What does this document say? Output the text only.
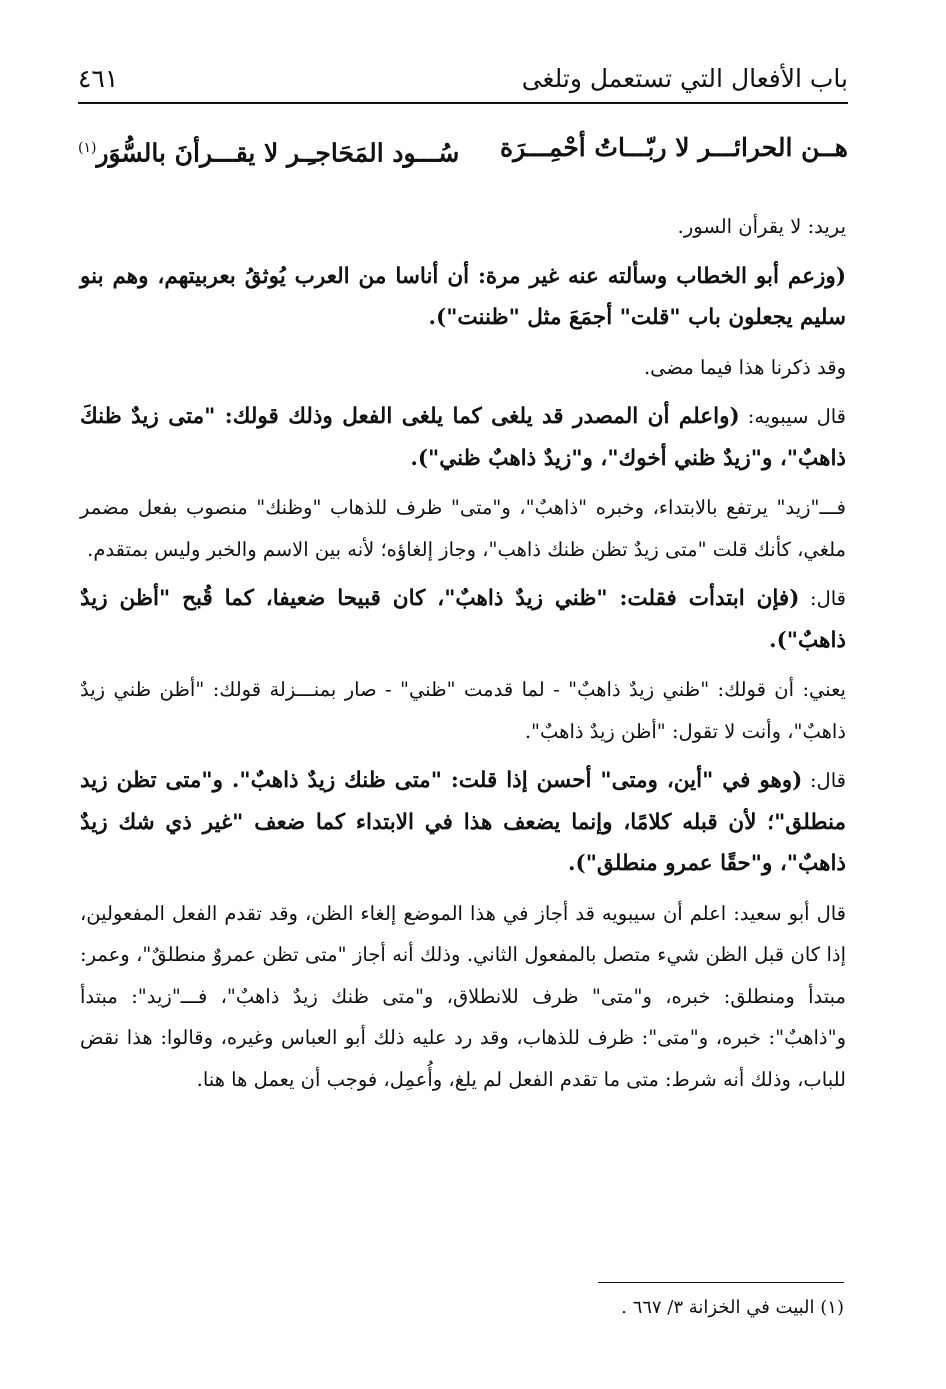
باب الأفعال التي تستعمل وتلغى
٤٦١
هــن الحرائـــر لا ربّـــاتُ أحْمِـــرَة
سُـــود المَحَاجـِـر لا يقـــرأنَ بالسُّوَر$^{(١)}$

يريد: لا يقرأن السور.

(وزعم أبو الخطاب وسألته عنه غير مرة: أن أناسا من العرب يُوثقُ بعربيتهم، وهم بنو سليم يجعلون باب "قلت" أجمَعَ مثل "ظننت").

وقد ذكرنا هذا فيما مضى.

قال سيبويه: (واعلم أن المصدر قد يلغى كما يلغى الفعل وذلك قولك: "متى زيدٌ ظنكَ ذاهبٌ"، و"زيدٌ ظني أخوك"، و"زيدٌ ذاهبٌ ظني").

فـــ"زيد" يرتفع بالابتداء، وخبره "ذاهبٌ"، و"متى" ظرف للذهاب "وظنك" منصوب بفعل مضمر ملغي، كأنك قلت "متى زيدٌ تظن ظنك ذاهب"، وجاز إلغاؤه؛ لأنه بين الاسم والخبر وليس بمتقدم.

قال: (فإن ابتدأت فقلت: "ظني زيدٌ ذاهبٌ"، كان قبيحا ضعيفا، كما قُبح "أظن زيدٌ ذاهبٌ").

يعني: أن قولك: "ظني زيدٌ ذاهبٌ" - لما قدمت "ظني" - صار بمنـــزلة قولك: "أظن ظني زيدٌ ذاهبٌ"، وأنت لا تقول: "أظن زيدٌ ذاهبٌ".

قال: (وهو في "أين، ومتى" أحسن إذا قلت: "متى ظنك زيدٌ ذاهبٌ". و"متى تظن زيد منطلق"؛ لأن قبله كلامًا، وإنما يضعف هذا في الابتداء كما ضعف "غير ذي شك زيدٌ ذاهبٌ"، و"حقًا عمرو منطلق").

قال أبو سعيد: اعلم أن سيبويه قد أجاز في هذا الموضع إلغاء الظن، وقد تقدم الفعل المفعولين، إذا كان قبل الظن شيء متصل بالمفعول الثاني. وذلك أنه أجاز "متى تظن عمروٌ منطلقٌ"، وعمر: مبتدأ ومنطلق: خبره، و"متى" ظرف للانطلاق، و"متى ظنك زيدٌ ذاهبٌ"، فـــ"زيد": مبتدأ و"ذاهبٌ": خبره، و"متى": ظرف للذهاب، وقد رد عليه ذلك أبو العباس وغيره، وقالوا: هذا نقض للباب، وذلك أنه شرط: متى ما تقدم الفعل لم يلغ، وأُعمِل، فوجب أن يعمل ها هنا.

(١) البيت في الخزانة ٣/ ٦٦٧ .
